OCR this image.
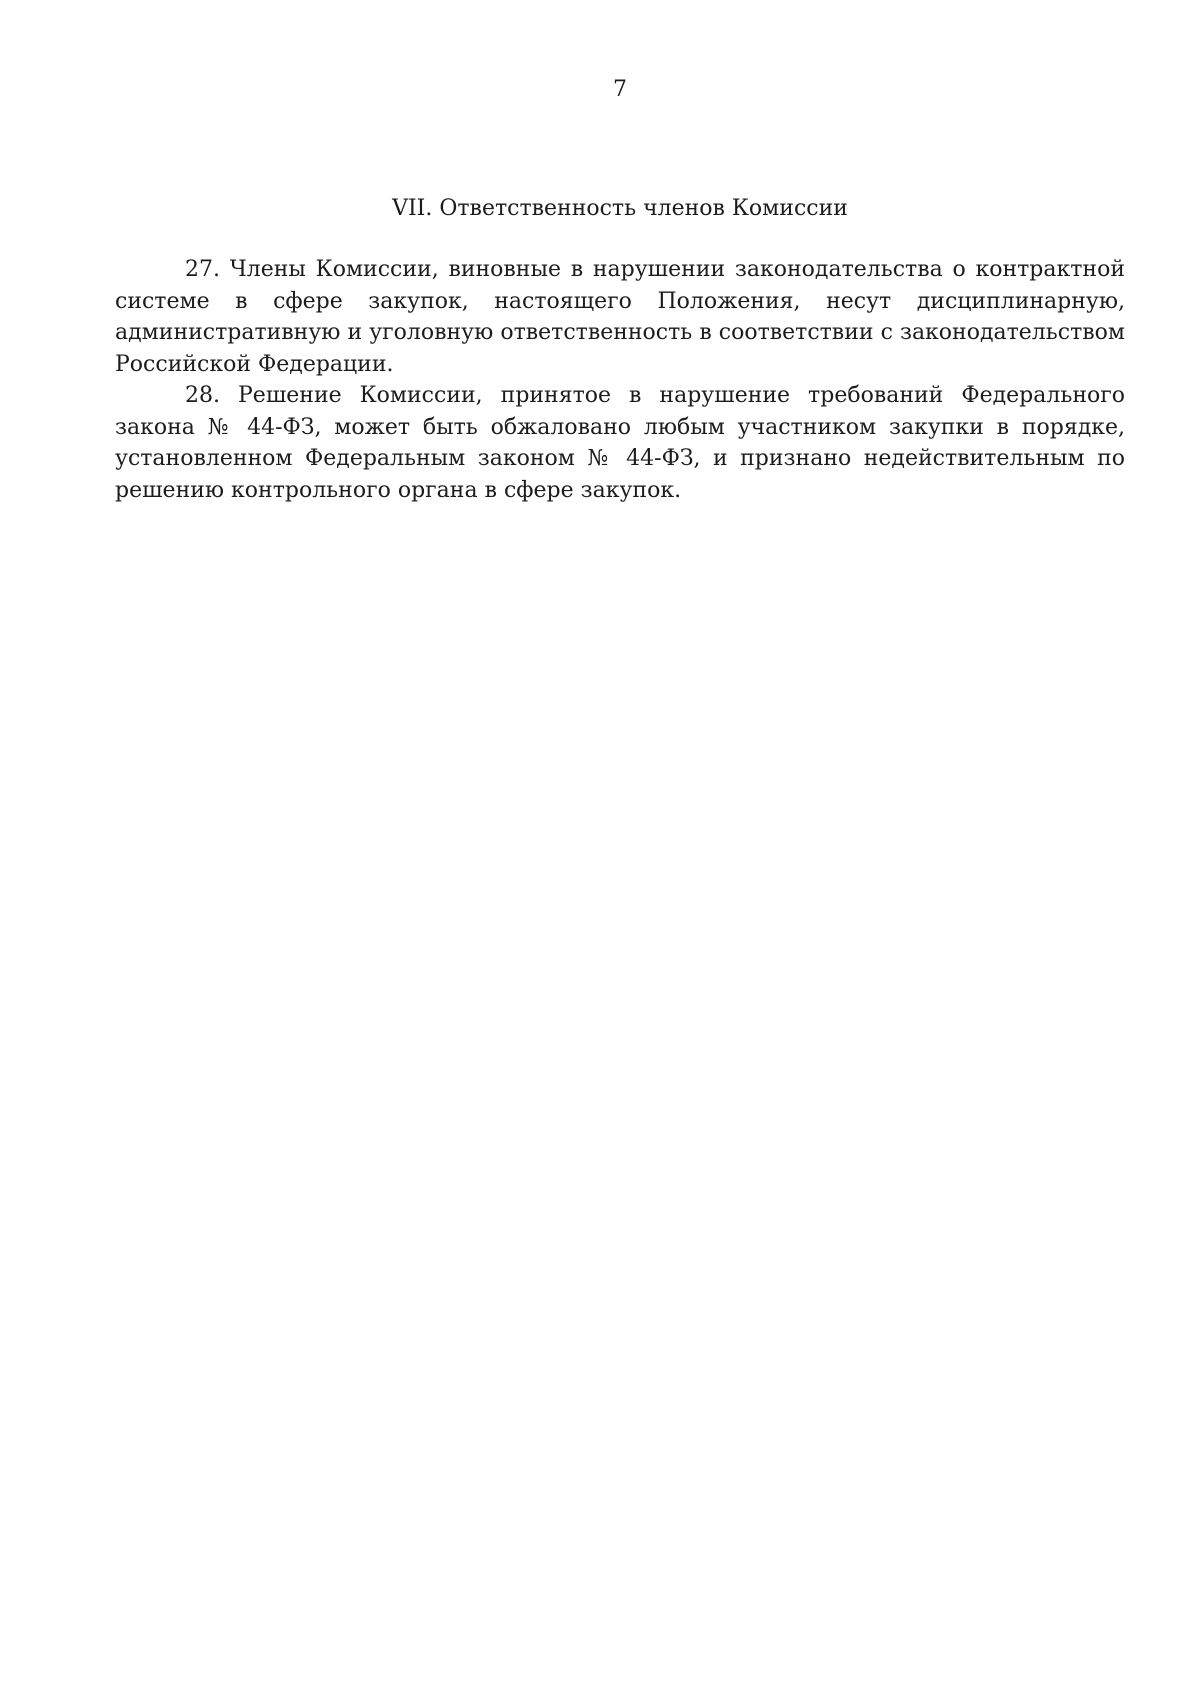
7
VII. Ответственность членов Комиссии

27. Члены Комиссии, виновные в нарушении законодательства о контрактной системе в сфере закупок, настоящего Положения, несут дисциплинарную, административную и уголовную ответственность в соответствии с законодательством Российской Федерации.

28. Решение Комиссии, принятое в нарушение требований Федерального закона № 44-ФЗ, может быть обжаловано любым участником закупки в порядке, установленном Федеральным законом № 44-ФЗ, и признано недействительным по решению контрольного органа в сфере закупок.
